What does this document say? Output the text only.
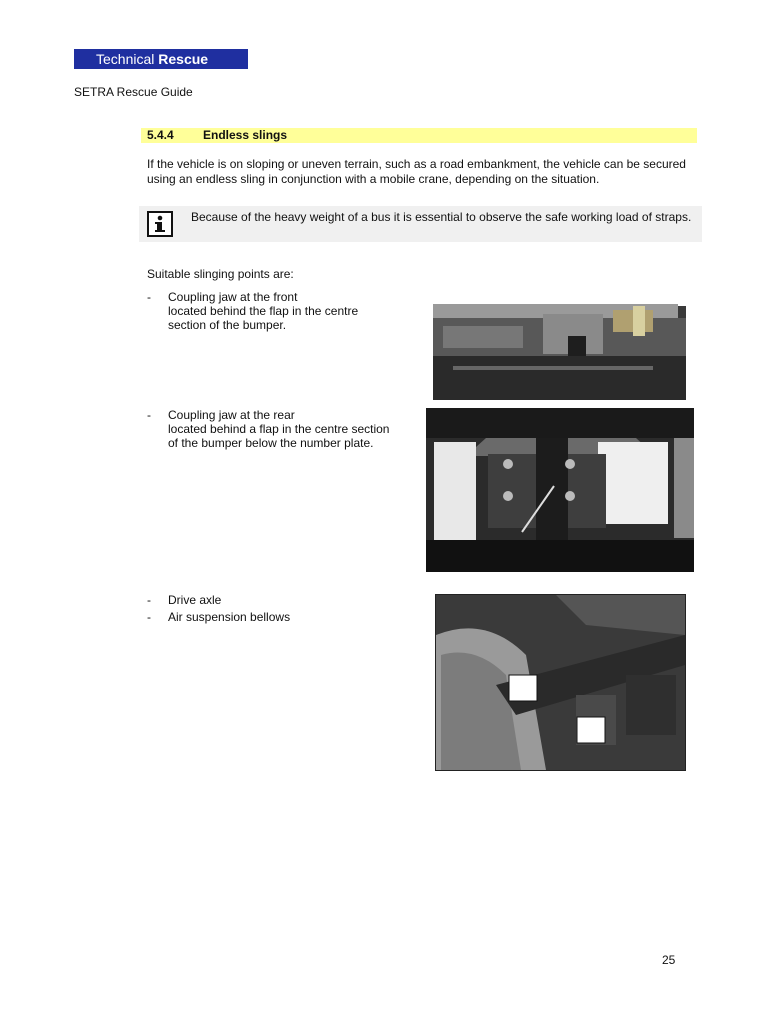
Technical Rescue
SETRA Rescue Guide
5.4.4 Endless slings
If the vehicle is on sloping or uneven terrain, such as a road embankment, the vehicle can be secured using an endless sling in conjunction with a mobile crane, depending on the situation.
Because of the heavy weight of a bus it is essential to observe the safe working load of straps.
Suitable slinging points are:
- Coupling jaw at the front
located behind the flap in the centre
section of the bumper.
- Coupling jaw at the rear
located behind a flap in the centre section
of the bumper below the number plate.
- Drive axle
- Air suspension bellows
25
